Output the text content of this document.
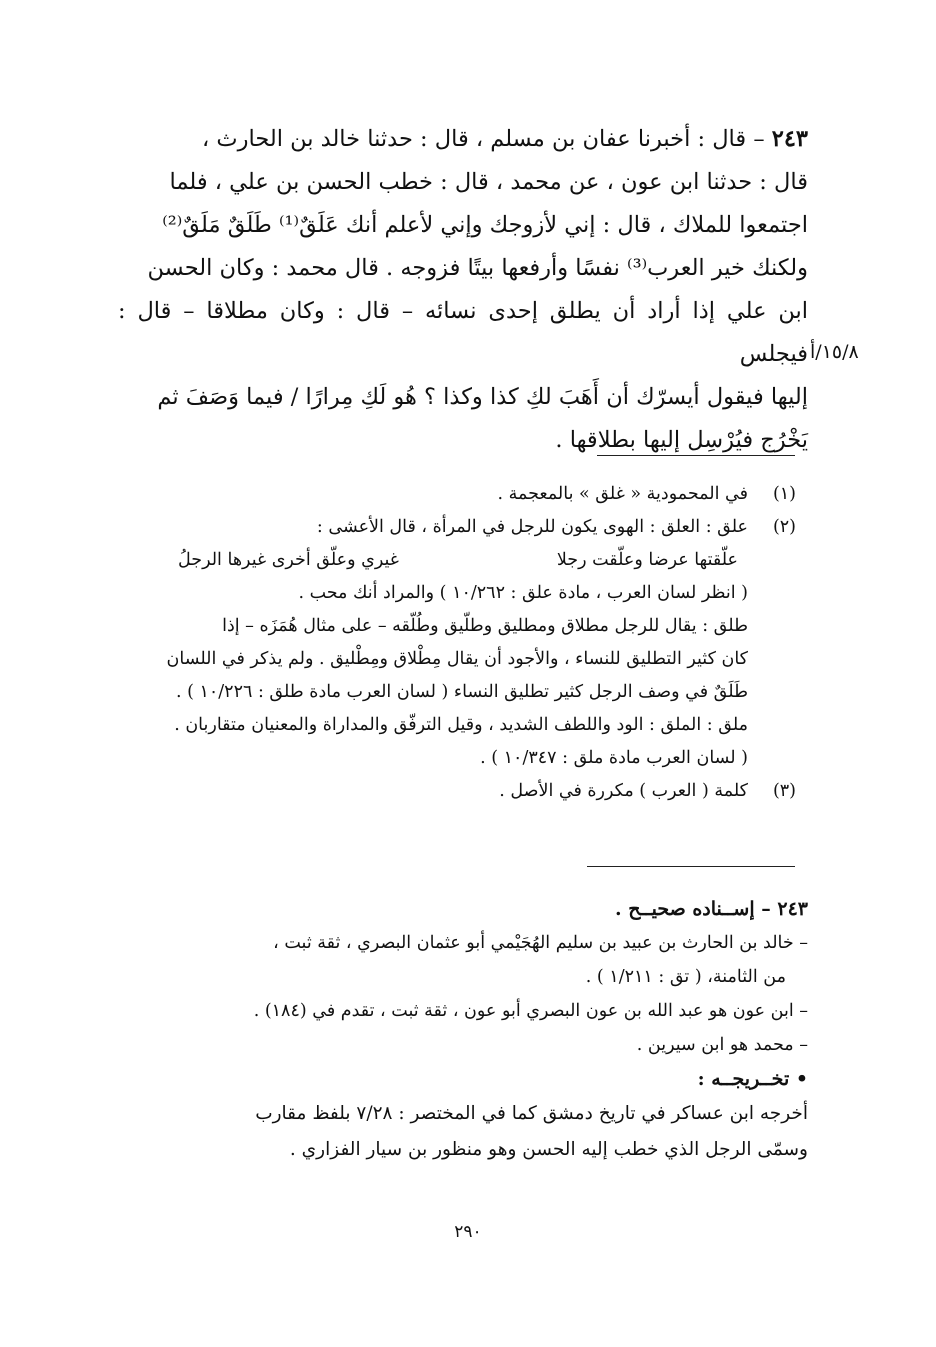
٢٤٣ – قال : أخبرنا عفان بن مسلم ، قال : حدثنا خالد بن الحارث ،

قال : حدثنا ابن عون ، عن محمد ، قال : خطب الحسن بن علي ، فلما

اجتمعوا للملاك ، قال : إني لأزوجك وإني لأعلم أنك عَلَقٌ⁽¹⁾ طَلَقٌ مَلَقٌ⁽²⁾

ولكنك خير العرب⁽³⁾ نفسًا وأرفعها بيتًا فزوجه . قال محمد : وكان الحسن

ابن علي إذا أراد أن يطلق إحدى نسائه – قال : وكان مطلاقا – قال : فيجلس

إليها فيقول أيسرّك أن أَهَبَ لكِ كذا وكذا ؟ هُو لَكِ مِرارًا / فيما وَصَفَ ثم

يَخْرُج فيُرْسِل إليها بطلاقها .

١٥/٨/أ

(١)في المحمودية « غلق » بالمعجمة .

(٢)علق : العلق : الهوى يكون للرجل في المرأة ، قال الأعشى :

علّقتها عرضا وعلّقت رجلا
غيري وعلّق أخرى غيرها الرجلُ

( انظر لسان العرب ، مادة علق : ١٠/٢٦٢ ) والمراد أنك محب .

طلق : يقال للرجل مطلاق ومطليق وطلّيق وطُلّقه – على مثال هُمَزَه – إذا

كان كثير التطليق للنساء ، والأجود أن يقال مِطْلاق ومِطْليق . ولم يذكر في اللسان

طَلَقٌ في وصف الرجل كثير تطليق النساء ( لسان العرب مادة طلق : ١٠/٢٢٦ ) .

ملق : الملق : الود واللطف الشديد ، وقيل الترفّق والمداراة والمعنيان متقاربان .

( لسان العرب مادة ملق : ١٠/٣٤٧ ) .

(٣)كلمة ( العرب ) مكررة في الأصل .

٢٤٣ – إســناده صحيــح .

– خالد بن الحارث بن عبيد بن سليم الهُجَيْمي أبو عثمان البصري ، ثقة ثبت ،

من الثامنة، ( تق : ١/٢١١ ) .

– ابن عون هو عبد الله بن عون البصري أبو عون ، ثقة ثبت ، تقدم في (١٨٤) .

– محمد هو ابن سيرين .

• تخــريجــه :

أخرجه ابن عساكر في تاريخ دمشق كما في المختصر : ٧/٢٨ بلفظ مقارب

وسمّى الرجل الذي خطب إليه الحسن وهو منظور بن سيار الفزاري .

٢٩٠
